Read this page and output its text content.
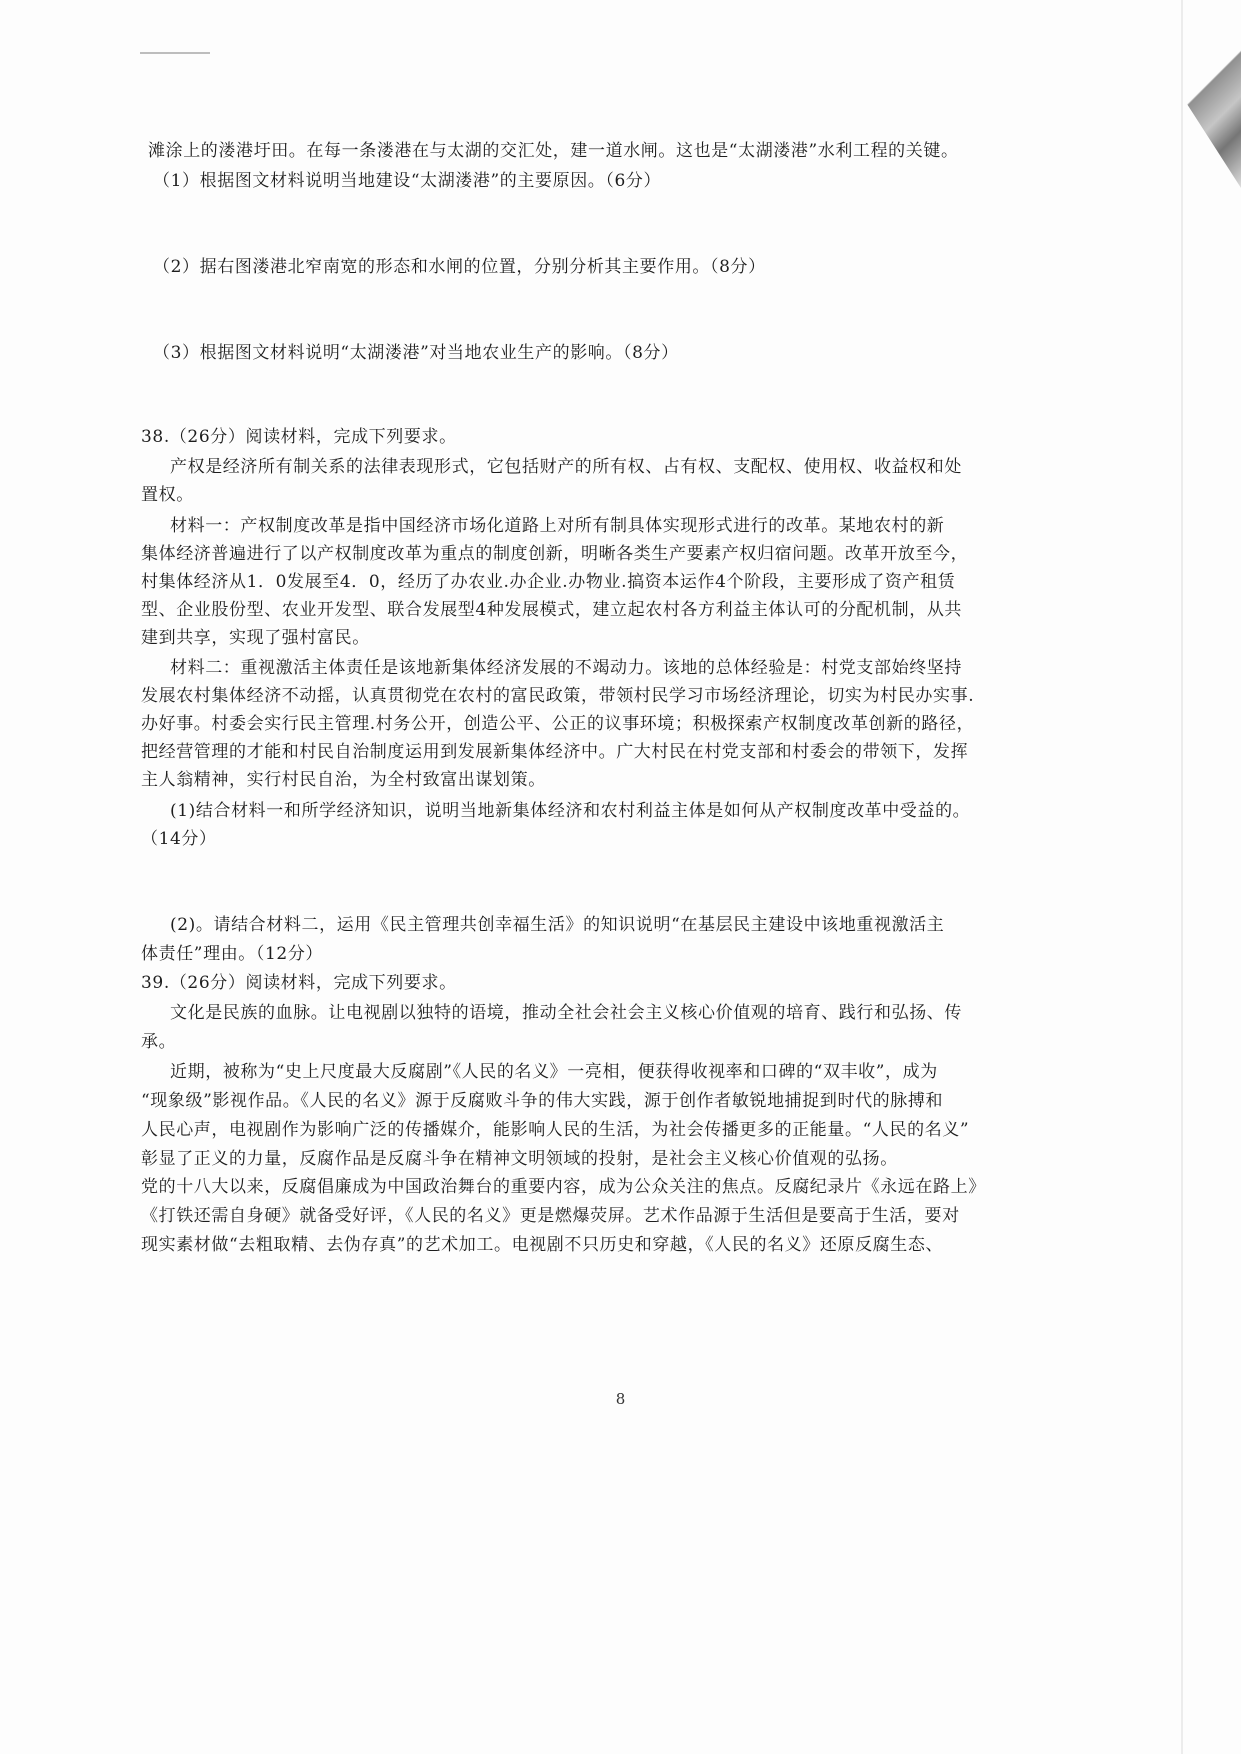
滩涂上的溇港圩田。在每一条溇港在与太湖的交汇处，建一道水闸。这也是“太湖溇港”水利工程的关键。
（1）根据图文材料说明当地建设“太湖溇港”的主要原因。（6分）
（2）据右图溇港北窄南宽的形态和水闸的位置，分别分析其主要作用。（8分）
（3）根据图文材料说明“太湖溇港”对当地农业生产的影响。（8分）
38.（26分）阅读材料，完成下列要求。
产权是经济所有制关系的法律表现形式，它包括财产的所有权、占有权、支配权、使用权、收益权和处
置权。
材料一：产权制度改革是指中国经济市场化道路上对所有制具体实现形式进行的改革。某地农村的新
集体经济普遍进行了以产权制度改革为重点的制度创新，明晰各类生产要素产权归宿问题。改革开放至今，
村集体经济从1．0发展至4．0，经历了办农业.办企业.办物业.搞资本运作4个阶段，主要形成了资产租赁
型、企业股份型、农业开发型、联合发展型4种发展模式，建立起农村各方利益主体认可的分配机制，从共
建到共享，实现了强村富民。
材料二：重视激活主体责任是该地新集体经济发展的不竭动力。该地的总体经验是：村党支部始终坚持
发展农村集体经济不动摇，认真贯彻党在农村的富民政策，带领村民学习市场经济理论，切实为村民办实事.
办好事。村委会实行民主管理.村务公开，创造公平、公正的议事环境；积极探索产权制度改革创新的路径，
把经营管理的才能和村民自治制度运用到发展新集体经济中。广大村民在村党支部和村委会的带领下，发挥
主人翁精神，实行村民自治，为全村致富出谋划策。
(1)结合材料一和所学经济知识，说明当地新集体经济和农村利益主体是如何从产权制度改革中受益的。
（14分）
(2)。请结合材料二，运用《民主管理共创幸福生活》的知识说明“在基层民主建设中该地重视激活主
体责任”理由。（12分）
39.（26分）阅读材料，完成下列要求。
文化是民族的血脉。让电视剧以独特的语境，推动全社会社会主义核心价值观的培育、践行和弘扬、传
承。
近期，被称为“史上尺度最大反腐剧”《人民的名义》一亮相，便获得收视率和口碑的“双丰收”，成为
“现象级”影视作品。《人民的名义》源于反腐败斗争的伟大实践，源于创作者敏锐地捕捉到时代的脉搏和
人民心声，电视剧作为影响广泛的传播媒介，能影响人民的生活，为社会传播更多的正能量。“人民的名义”
彰显了正义的力量，反腐作品是反腐斗争在精神文明领域的投射，是社会主义核心价值观的弘扬。
党的十八大以来，反腐倡廉成为中国政治舞台的重要内容，成为公众关注的焦点。反腐纪录片《永远在路上》
《打铁还需自身硬》就备受好评，《人民的名义》更是燃爆荧屏。艺术作品源于生活但是要高于生活，要对
现实素材做“去粗取精、去伪存真”的艺术加工。电视剧不只历史和穿越，《人民的名义》还原反腐生态、
8
